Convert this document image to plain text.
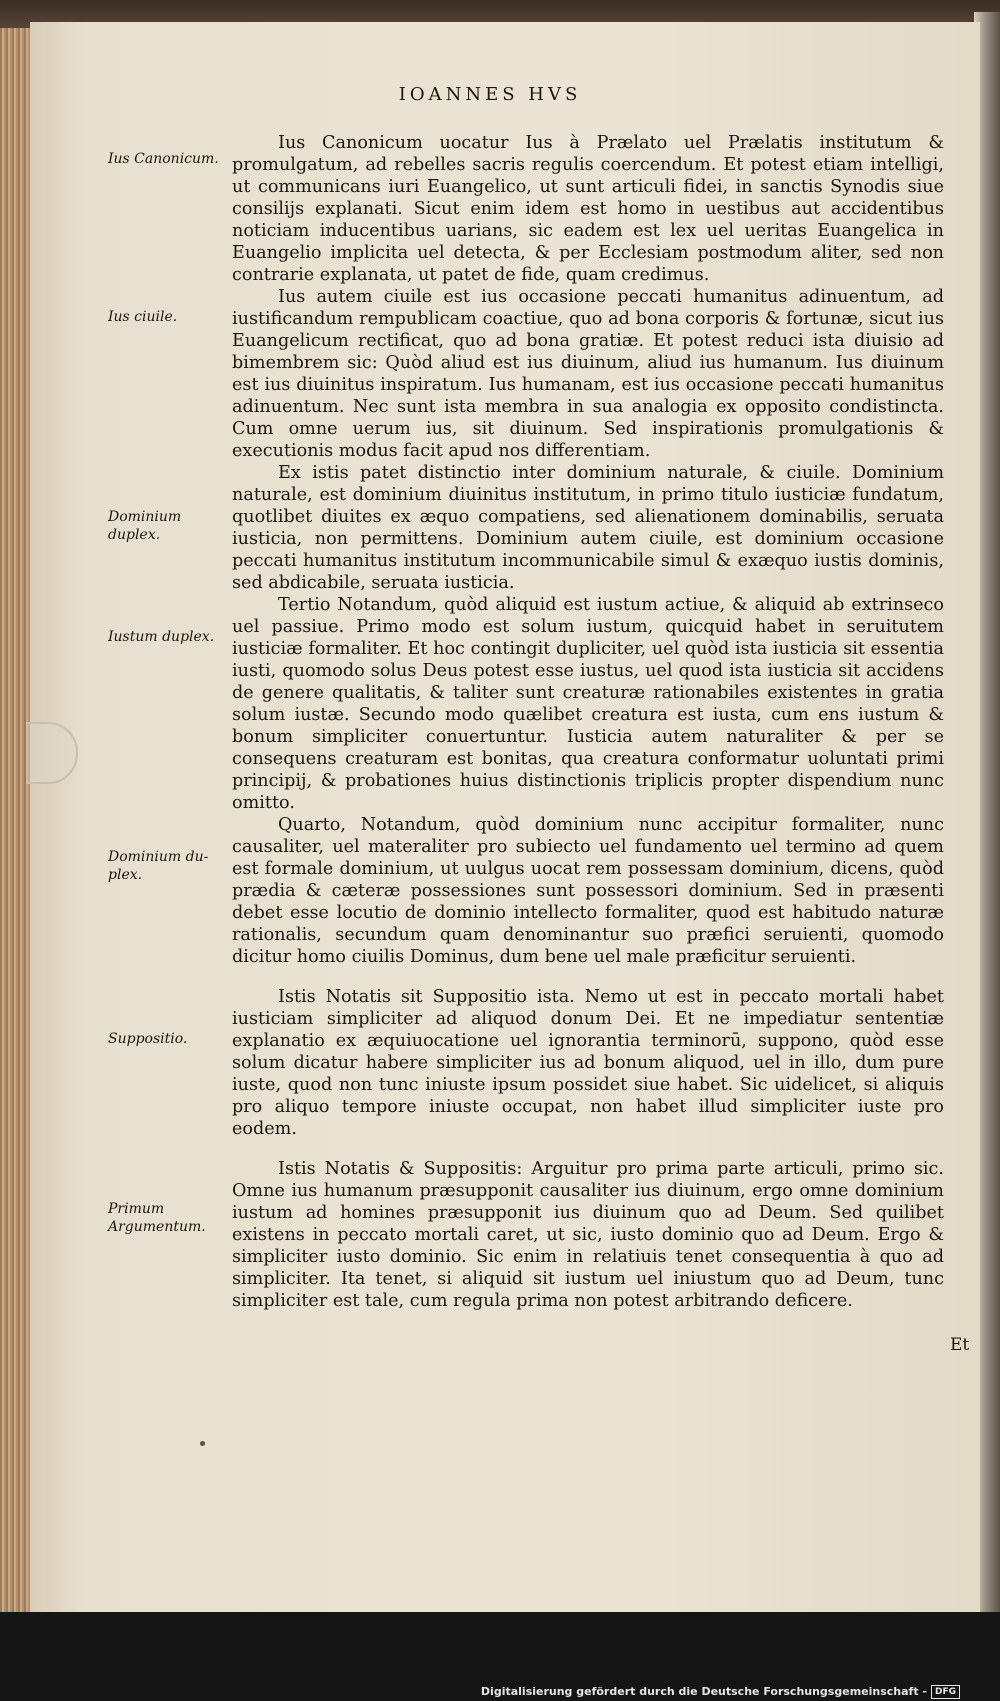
IOANNES HVS

Ius Canonicum uocatur Ius à Prælato uel Prælatis institutum & promulgatum, ad rebelles sacris regulis coercendum. Et potest etiam intelligi, ut communicans iuri Euangelico, ut sunt articuli fidei, in sanctis Synodis siue consilijs explanati. Sicut enim idem est homo in uestibus aut accidentibus noticiam inducentibus uarians, sic eadem est lex uel ueritas Euangelica in Euangelio implicita uel detecta, & per Ecclesiam postmodum aliter, sed non contrarie explanata, ut patet de fide, quam credimus.

Ius autem ciuile est ius occasione peccati humanitus adinuentum, ad iustificandum rempublicam coactiue, quo ad bona corporis & fortunæ, sicut ius Euangelicum rectificat, quo ad bona gratiæ. Et potest reduci ista diuisio ad bimembrem sic: Quòd aliud est ius diuinum, aliud ius humanum. Ius diuinum est ius diuinitus inspiratum. Ius humanam, est ius occasione peccati humanitus adinuentum. Nec sunt ista membra in sua analogia ex opposito condistincta. Cum omne uerum ius, sit diuinum. Sed inspirationis promulgationis & executionis modus facit apud nos differentiam.

Ex istis patet distinctio inter dominium naturale, & ciuile. Dominium naturale, est dominium diuinitus institutum, in primo titulo iusticiæ fundatum, quotlibet diuites ex æquo compatiens, sed alienationem dominabilis, seruata iusticia, non permittens. Dominium autem ciuile, est dominium occasione peccati humanitus institutum incommunicabile simul & exæquo iustis dominis, sed abdicabile, seruata iusticia.

Tertio Notandum, quòd aliquid est iustum actiue, & aliquid ab extrinseco uel passiue. Primo modo est solum iustum, quicquid habet in seruitutem iusticiæ formaliter. Et hoc contingit dupliciter, uel quòd ista iusticia sit essentia iusti, quomodo solus Deus potest esse iustus, uel quod ista iusticia sit accidens de genere qualitatis, & taliter sunt creaturæ rationabiles existentes in gratia solum iustæ. Secundo modo quælibet creatura est iusta, cum ens iustum & bonum simpliciter conuertuntur. Iusticia autem naturaliter & per se consequens creaturam est bonitas, qua creatura conformatur uoluntati primi principij, & probationes huius distinctionis triplicis propter dispendium nunc omitto.

Quarto, Notandum, quòd dominium nunc accipitur formaliter, nunc causaliter, uel materaliter pro subiecto uel fundamento uel termino ad quem est formale dominium, ut uulgus uocat rem possessam dominium, dicens, quòd prædia & cæteræ possessiones sunt possessori dominium. Sed in præsenti debet esse locutio de dominio intellecto formaliter, quod est habitudo naturæ rationalis, secundum quam denominantur suo præfici seruienti, quomodo dicitur homo ciuilis Dominus, dum bene uel male præficitur seruienti.

Istis Notatis sit Suppositio ista. Nemo ut est in peccato mortali habet iusticiam simpliciter ad aliquod donum Dei. Et ne impediatur sententiæ explanatio ex æquiuocatione uel ignorantia terminorū, suppono, quòd esse solum dicatur habere simpliciter ius ad bonum aliquod, uel in illo, dum pure iuste, quod non tunc iniuste ipsum possidet siue habet. Sic uidelicet, si aliquis pro aliquo tempore iniuste occupat, non habet illud simpliciter iuste pro eodem.

Istis Notatis & Suppositis: Arguitur pro prima parte articuli, primo sic. Omne ius humanum præsupponit causaliter ius diuinum, ergo omne dominium iustum ad homines præsupponit ius diuinum quo ad Deum. Sed quilibet existens in peccato mortali caret, ut sic, iusto dominio quo ad Deum. Ergo & simpliciter iusto dominio. Sic enim in relatiuis tenet consequentia à quo ad simpliciter. Ita tenet, si aliquid sit iustum uel iniustum quo ad Deum, tunc simpliciter est tale, cum regula prima non potest arbitrando deficere.

Ius Canonicum.
Ius ciuile.
Dominium
duplex.
Iustum duplex.
Dominium du-
plex.
Suppositio.
Primum
Argumentum.
Et
Digitalisierung gefördert durch die Deutsche Forschungsgemeinschaft - DFG
